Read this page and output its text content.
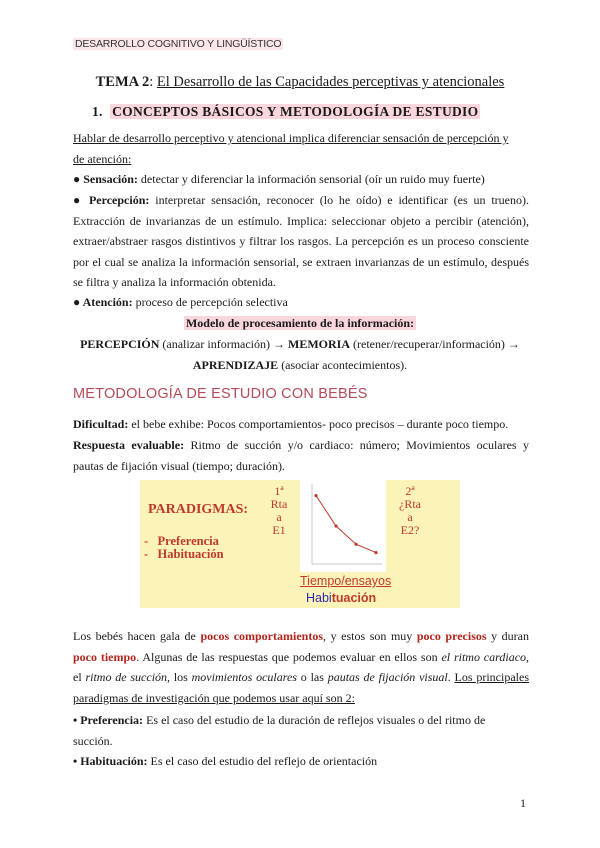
DESARROLLO COGNITIVO Y LINGÜÍSTICO
TEMA 2: El Desarrollo de las Capacidades perceptivas y atencionales
1. CONCEPTOS BÁSICOS Y METODOLOGÍA DE ESTUDIO
Hablar de desarrollo perceptivo y atencional implica diferenciar sensación de percepción y
de atención:
● Sensación: detectar y diferenciar la información sensorial (oír un ruido muy fuerte)
● Percepción: interpretar sensación, reconocer (lo he oído) e identificar (es un trueno).
Extracción de invarianzas de un estímulo. Implica: seleccionar objeto a percibir (atención),
extraer/abstraer rasgos distintivos y filtrar los rasgos. La percepción es un proceso consciente
por el cual se analiza la información sensorial, se extraen invarianzas de un estímulo, después
se filtra y analiza la información obtenida.
● Atención: proceso de percepción selectiva
Modelo de procesamiento de la información:
PERCEPCIÓN (analizar información) → MEMORIA (retener/recuperar/información) →
APRENDIZAJE (asociar acontecimientos).
METODOLOGÍA DE ESTUDIO CON BEBÉS
Dificultad: el bebe exhibe: Pocos comportamientos- poco precisos – durante poco tiempo.
Respuesta evaluable: Ritmo de succión y/o cardiaco: número; Movimientos oculares y
pautas de fijación visual (tiempo; duración).
PARADIGMAS:
-   Preferencia
-   Habituación
1ª
Rta
a
E1
2ª
¿Rta
a
E2?
Tiempo/ensayos
Habituación
Los bebés hacen gala de pocos comportamientos, y estos son muy poco precisos y duran
poco tiempo. Algunas de las respuestas que podemos evaluar en ellos son el ritmo cardiaco,
el ritmo de succión, los movimientos oculares o las pautas de fijación visual. Los principales
paradigmas de investigación que podemos usar aquí son 2:
• Preferencia: Es el caso del estudio de la duración de reflejos visuales o del ritmo de
succión.
• Habituación: Es el caso del estudio del reflejo de orientación
1
